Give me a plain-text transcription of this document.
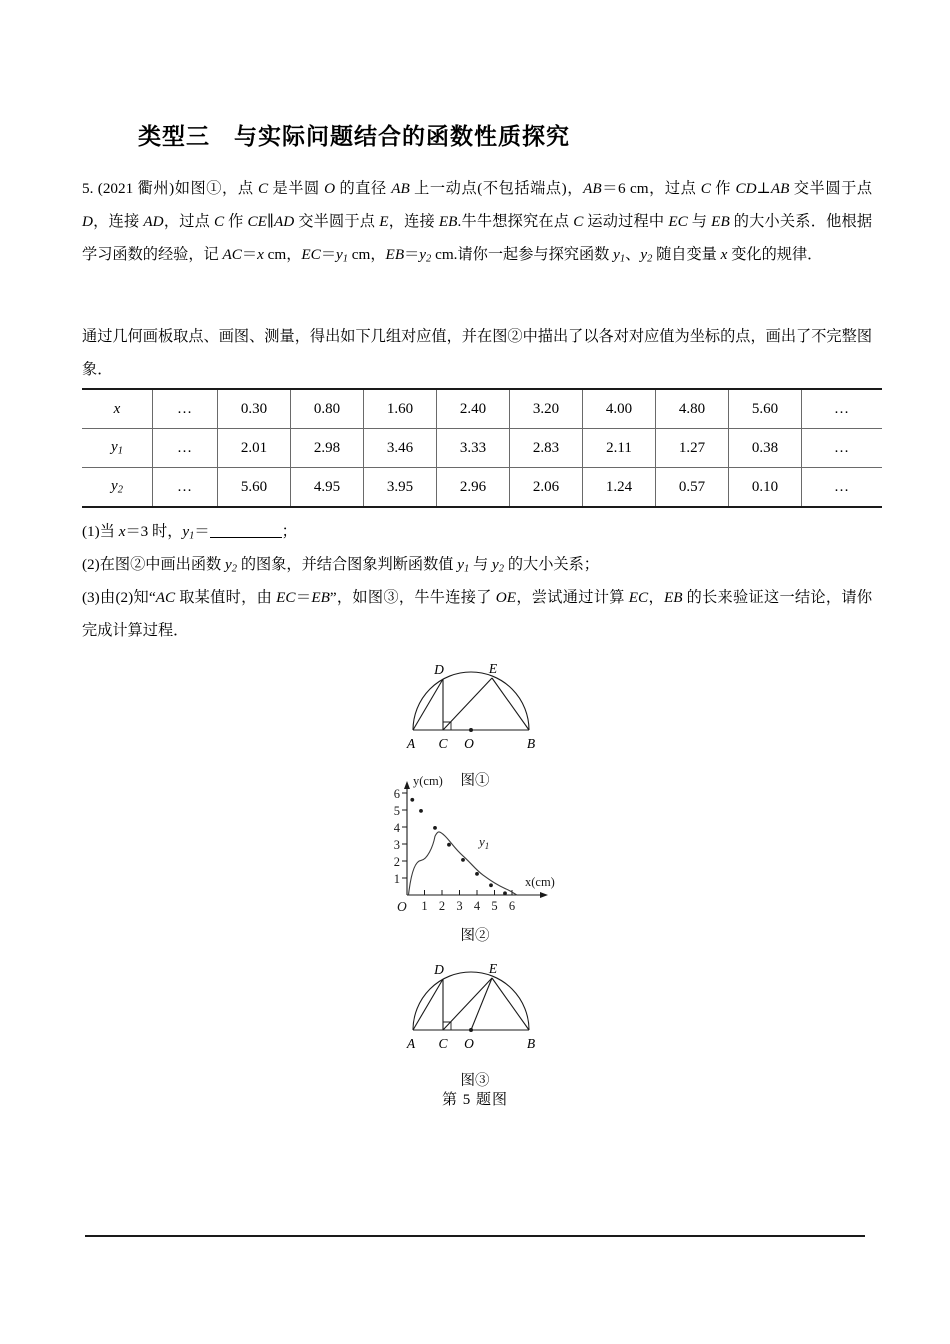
类型三　与实际问题结合的函数性质探究

5. (2021 衢州)如图①，点 C 是半圆 O 的直径 AB 上一动点(不包括端点)，AB＝6 cm，过点 C 作 CD⊥AB 交半圆于点 D，连接 AD，过点 C 作 CE∥AD 交半圆于点 E，连接 EB.牛牛想探究在点 C 运动过程中 EC 与 EB 的大小关系．他根据学习函数的经验，记 AC＝x cm，$EC=y_1$ cm，$EB=y_2$ cm.请你一起参与探究函数 $y_1$、$y_2$ 随自变量 x 变化的规律．

通过几何画板取点、画图、测量，得出如下几组对应值，并在图②中描出了以各对对应值为坐标的点，画出了不完整图象．

x	…	0.30	0.80	1.60	2.40	3.20	4.00	4.80	5.60	…
$y_1$	…	2.01	2.98	3.46	3.33	2.83	2.11	1.27	0.38	…
$y_2$	…	5.60	4.95	3.95	2.96	2.06	1.24	0.57	0.10	…

(1)当 x＝3 时，$y_1=$	；

(2)在图②中画出函数 $y_2$ 的图象，并结合图象判断函数值 $y_1$ 与 $y_2$ 的大小关系；

(3)由(2)知“AC 取某值时，由 EC＝EB”，如图③，牛牛连接了 OE，尝试通过计算 EC，EB 的长来验证这一结论，请你完成计算过程．

D	E
A C O	B
图①
1
2
3
4
5
6
1 2 3 4 5 6
O
x(cm)
y(cm)
$y_1$
图②
D	E
A C O	B
图③
第 5 题图
